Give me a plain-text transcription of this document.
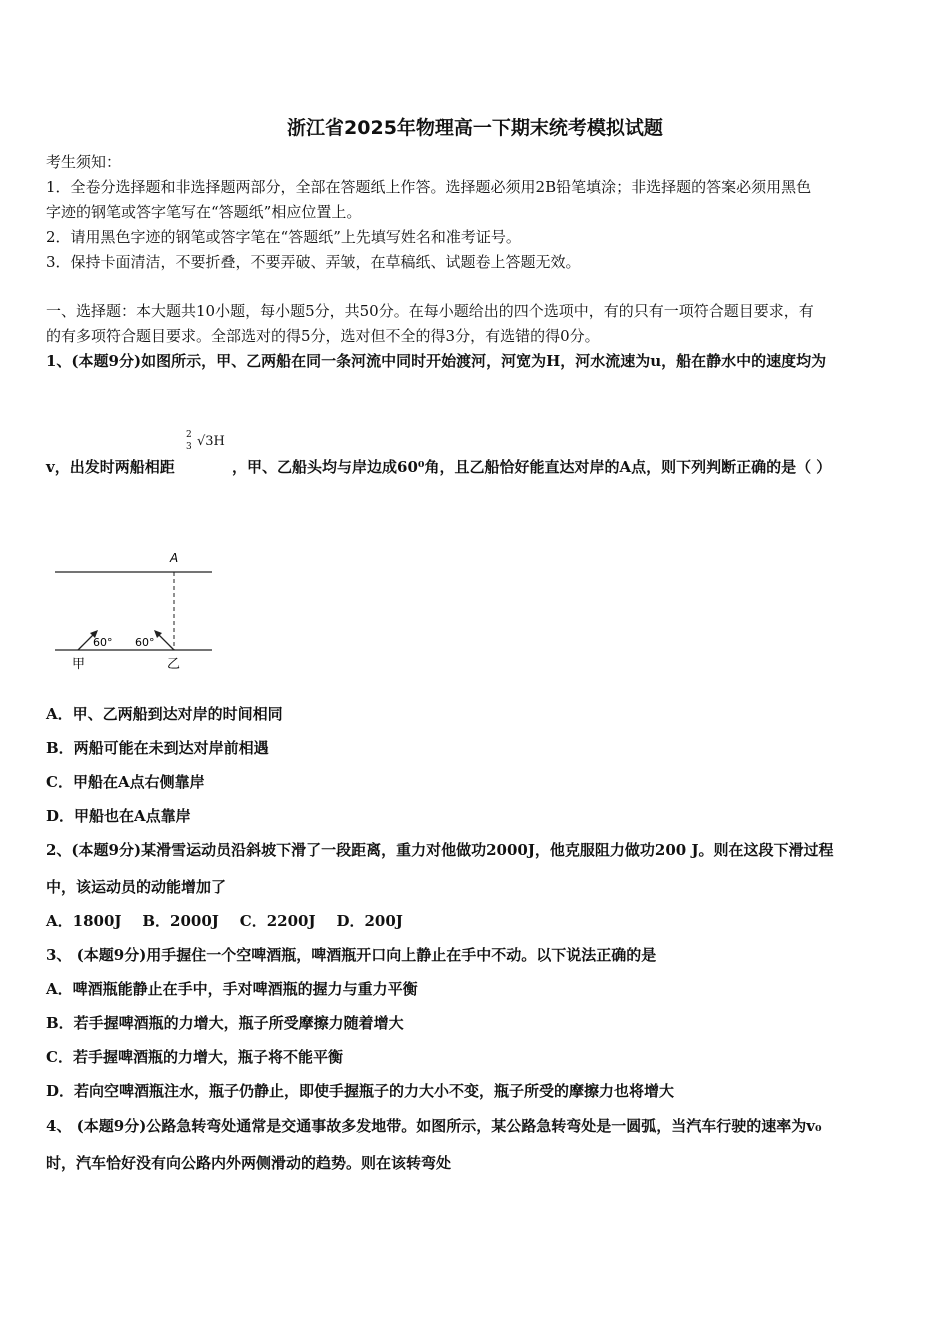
浙江省2025年物理高一下期末统考模拟试题
考生须知：
1．全卷分选择题和非选择题两部分，全部在答题纸上作答。选择题必须用2B铅笔填涂；非选择题的答案必须用黑色
字迹的钢笔或答字笔写在“答题纸”相应位置上。
2．请用黑色字迹的钢笔或答字笔在“答题纸”上先填写姓名和准考证号。
3．保持卡面清洁，不要折叠，不要弄破、弄皱，在草稿纸、试题卷上答题无效。
一、选择题：本大题共10小题，每小题5分，共50分。在每小题给出的四个选项中，有的只有一项符合题目要求，有
的有多项符合题目要求。全部选对的得5分，选对但不全的得3分，有选错的得0分。
1、(本题9分)如图所示，甲、乙两船在同一条河流中同时开始渡河，河宽为H，河水流速为u，船在静水中的速度均为
v，出发时两船相距
2
3 √3H
，甲、乙船头均与岸边成60⁰角，且乙船恰好能直达对岸的A点，则下列判断正确的是（ ）
A
60° 60°
甲	乙
A．甲、乙两船到达对岸的时间相同
B．两船可能在未到达对岸前相遇
C．甲船在A点右侧靠岸
D．甲船也在A点靠岸
2、(本题9分)某滑雪运动员沿斜坡下滑了一段距离，重力对他做功2000J，他克服阻力做功200 J。则在这段下滑过程
中，该运动员的动能增加了
A．1800J    B．2000J    C．2200J    D．200J
3、 (本题9分)用手握住一个空啤酒瓶，啤酒瓶开口向上静止在手中不动。以下说法正确的是
A．啤酒瓶能静止在手中，手对啤酒瓶的握力与重力平衡
B．若手握啤酒瓶的力增大，瓶子所受摩擦力随着增大
C．若手握啤酒瓶的力增大，瓶子将不能平衡
D．若向空啤酒瓶注水，瓶子仍静止，即使手握瓶子的力大小不变，瓶子所受的摩擦力也将增大
4、 (本题9分)公路急转弯处通常是交通事故多发地带。如图所示，某公路急转弯处是一圆弧，当汽车行驶的速率为v₀
时，汽车恰好没有向公路内外两侧滑动的趋势。则在该转弯处
